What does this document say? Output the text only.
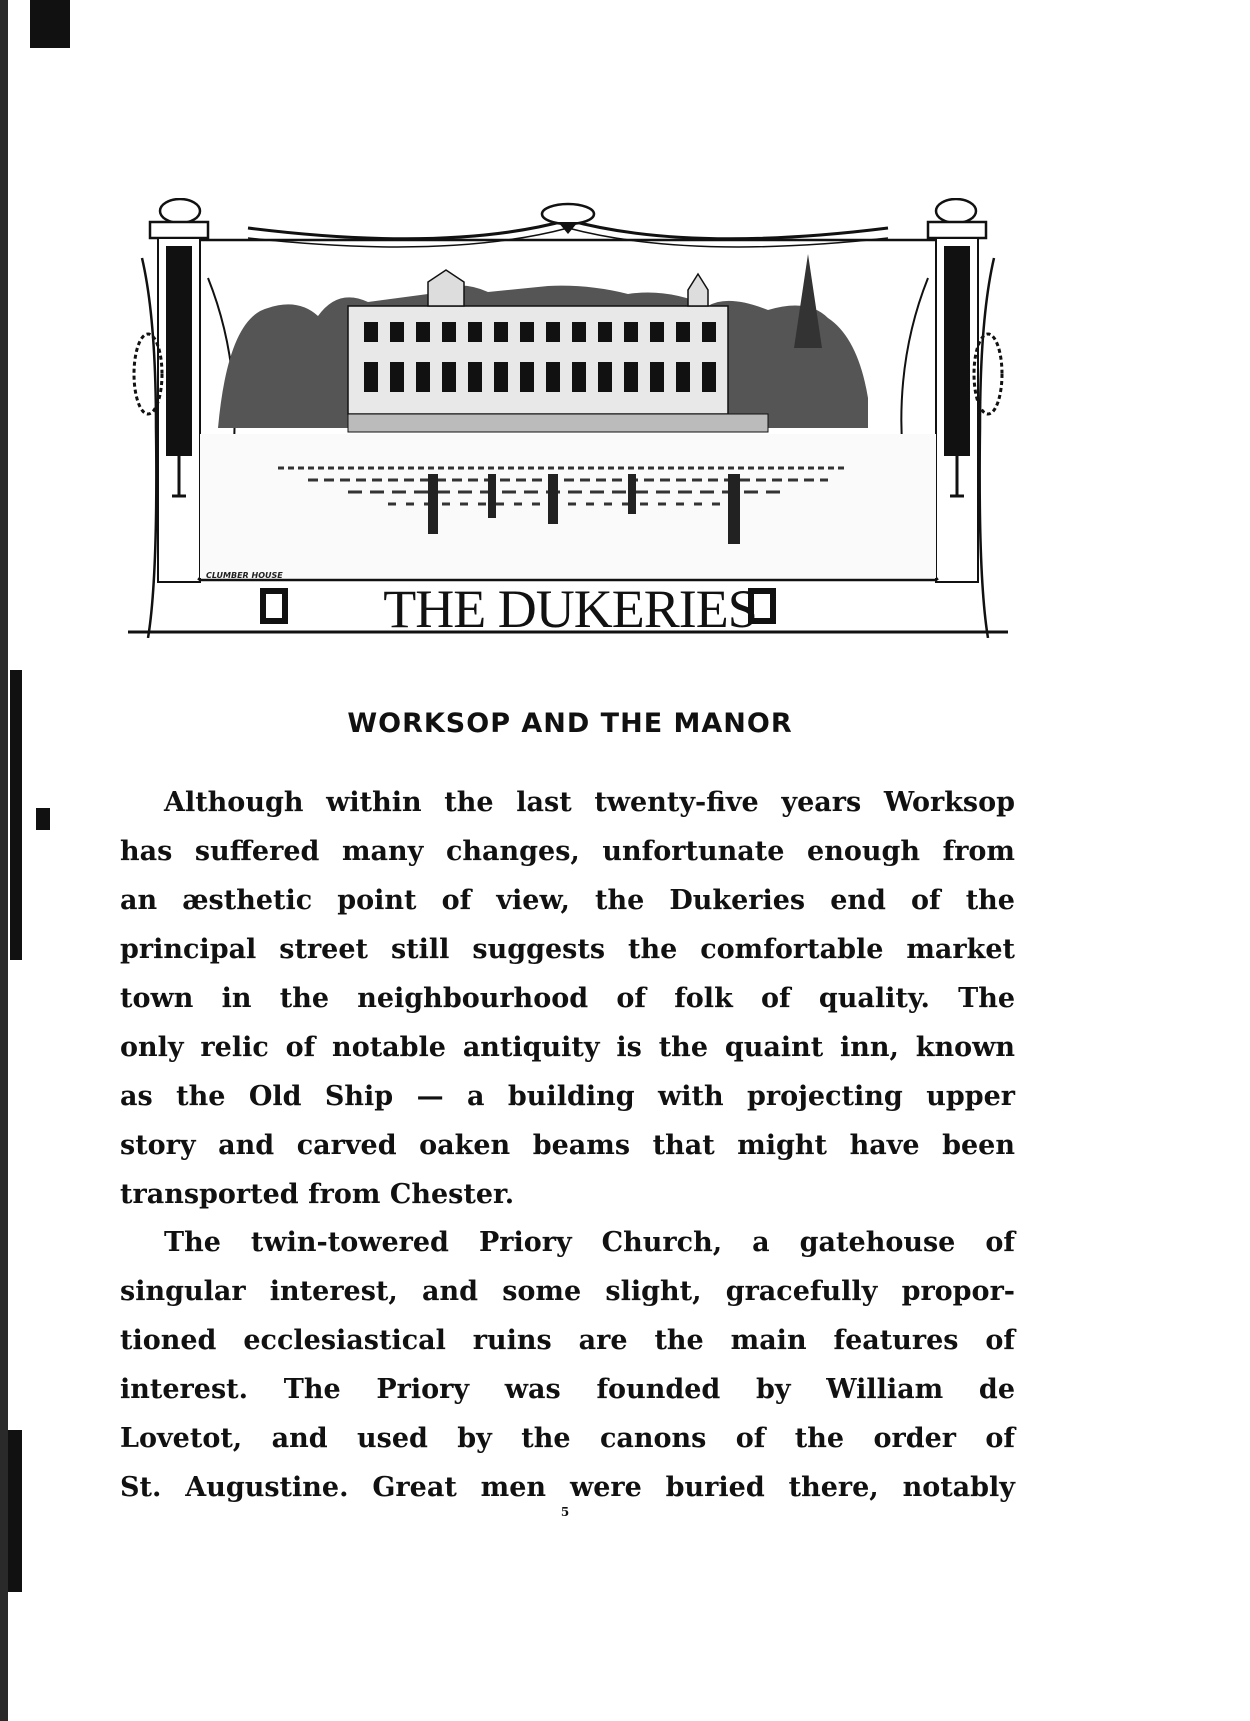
CLUMBER HOUSE
THE DUKERIES
WORKSOP AND THE MANOR
Although within the last twenty-five years Worksop
has suffered many changes, unfortunate enough from
an æsthetic point of view, the Dukeries end of the
principal street still suggests the comfortable market
town in the neighbourhood of folk of quality. The
only relic of notable antiquity is the quaint inn, known
as the Old Ship — a building with projecting upper
story and carved oaken beams that might have been
transported from Chester.
The twin-towered Priory Church, a gatehouse of
singular interest, and some slight, gracefully propor-
tioned ecclesiastical ruins are the main features of
interest. The Priory was founded by William de
Lovetot, and used by the canons of the order of
St. Augustine. Great men were buried there, notably
5
